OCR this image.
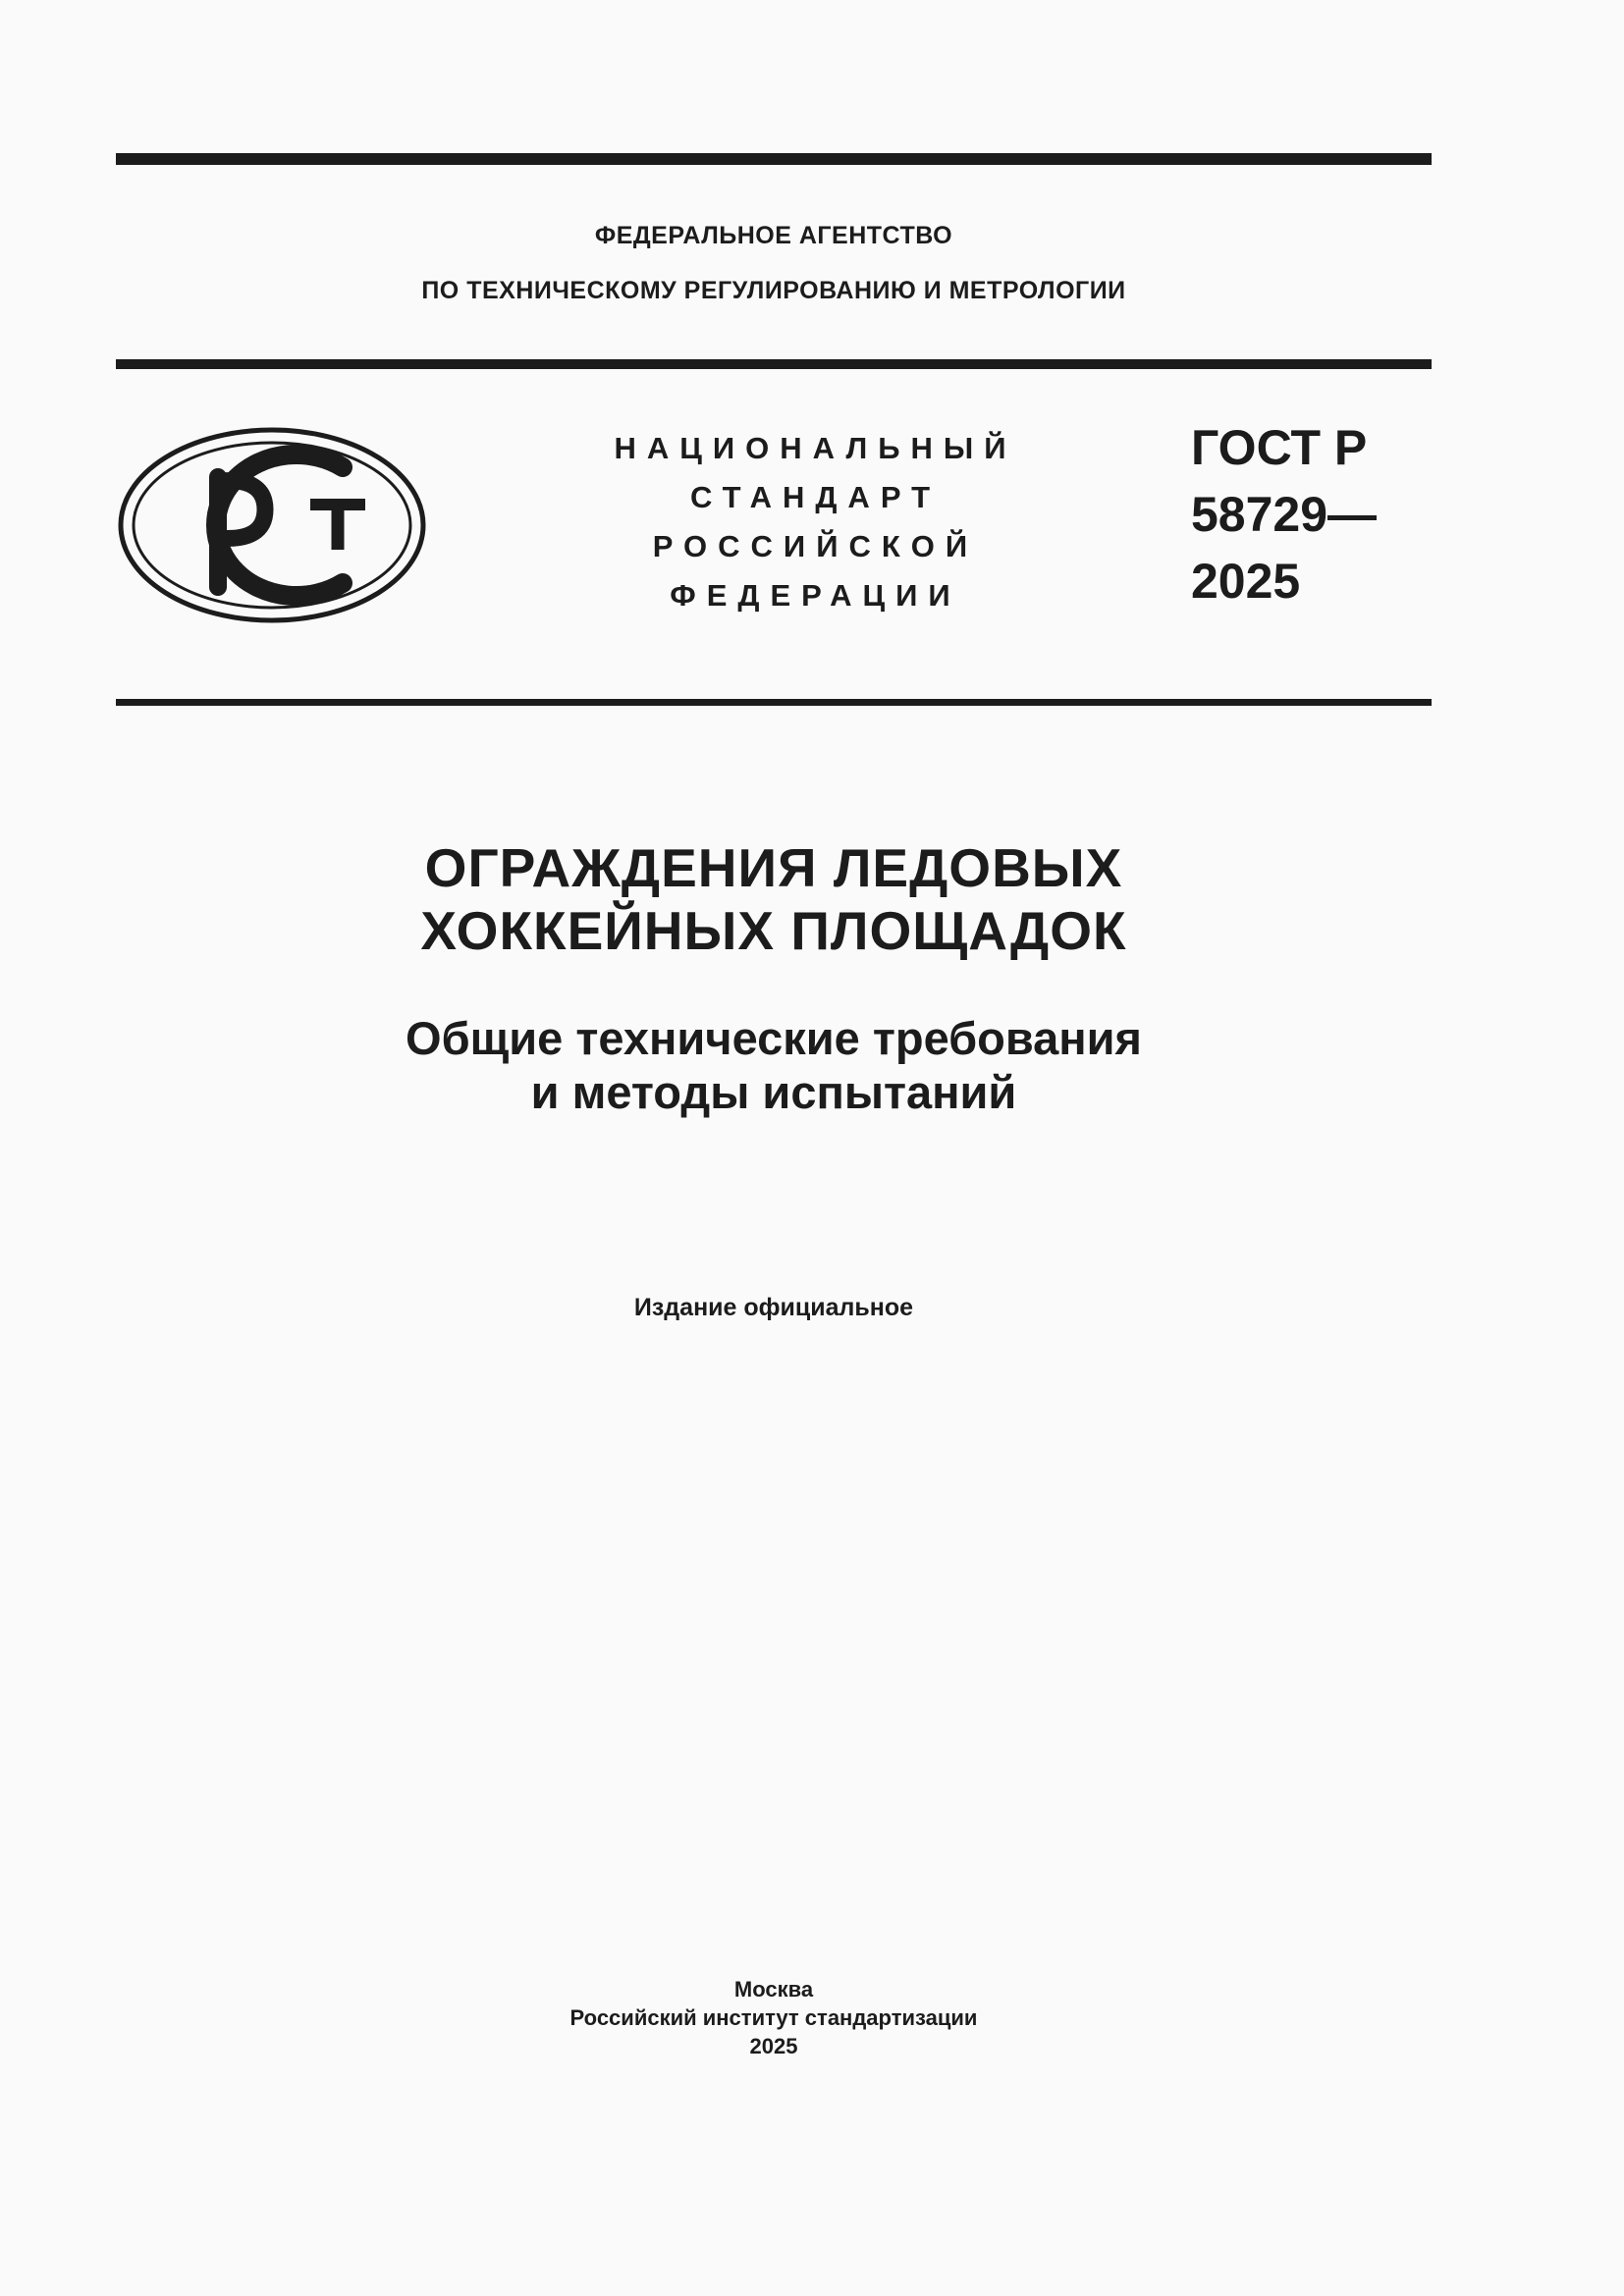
ФЕДЕРАЛЬНОЕ АГЕНТСТВО
ПО ТЕХНИЧЕСКОМУ РЕГУЛИРОВАНИЮ И МЕТРОЛОГИИ
НАЦИОНАЛЬНЫЙ
СТАНДАРТ
РОССИЙСКОЙ
ФЕДЕРАЦИИ
ГОСТ Р
58729—
2025
ОГРАЖДЕНИЯ ЛЕДОВЫХ
ХОККЕЙНЫХ ПЛОЩАДОК
Общие технические требования
и методы испытаний
Издание официальное
Москва
Российский институт стандартизации
2025
